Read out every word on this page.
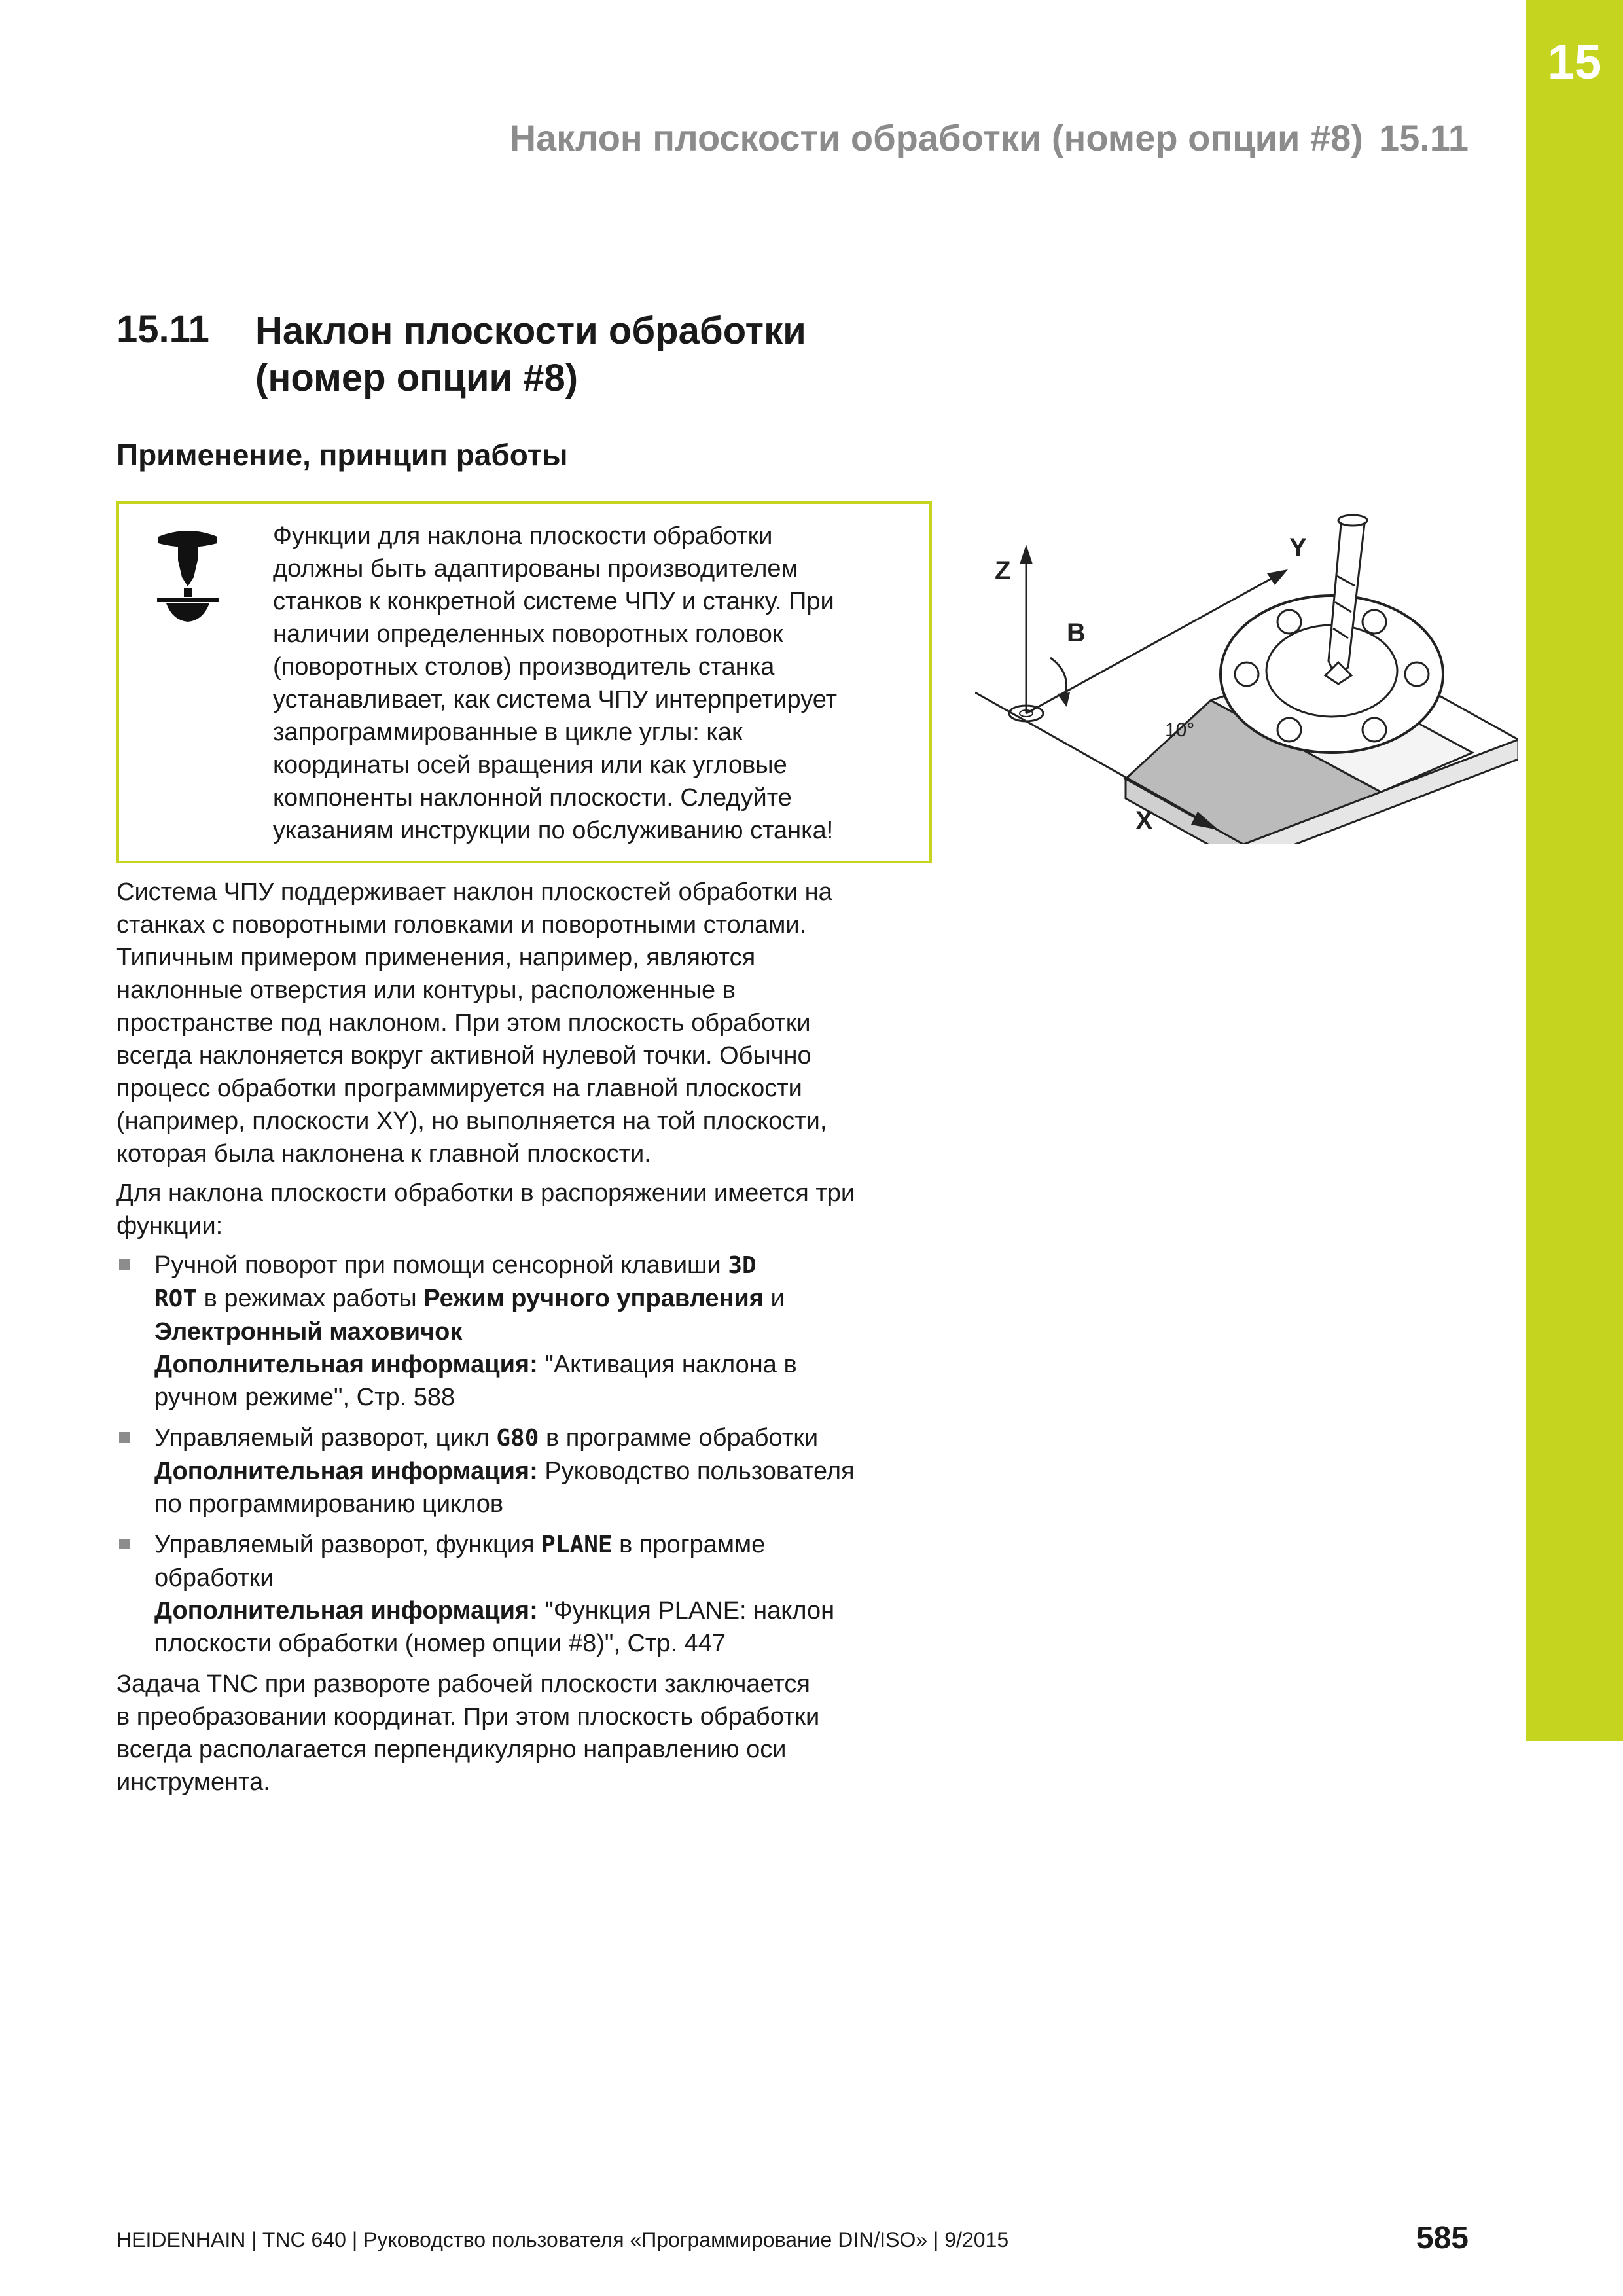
15
Наклон плоскости обработки (номер опции #8) 15.11
15.11 Наклон плоскости обработки
(номер опции #8)
Применение, принцип работы
Функции для наклона плоскости обработки
должны быть адаптированы производителем
станков к конкретной системе ЧПУ и станку. При
наличии определенных поворотных головок
(поворотных столов) производитель станка
устанавливает, как система ЧПУ интерпретирует
запрограммированные в цикле углы: как
координаты осей вращения или как угловые
компоненты наклонной плоскости. Следуйте
указаниям инструкции по обслуживанию станка!
Z
Y
B
X
10°

Система ЧПУ поддерживает наклон плоскостей обработки на
станках с поворотными головками и поворотными столами.
Типичным примером применения, например, являются
наклонные отверстия или контуры, расположенные в
пространстве под наклоном. При этом плоскость обработки
всегда наклоняется вокруг активной нулевой точки. Обычно
процесс обработки программируется на главной плоскости
(например, плоскости XY), но выполняется на той плоскости,
которая была наклонена к главной плоскости.

Для наклона плоскости обработки в распоряжении имеется три
функции:

Ручной поворот при помощи сенсорной клавиши 3D
ROT в режимах работы Режим ручного управления и
Электронный маховичок
Дополнительная информация: "Активация наклона в
ручном режиме", Стр. 588
Управляемый разворот, цикл G80 в программе обработки
Дополнительная информация: Руководство пользователя
по программированию циклов
Управляемый разворот, функция PLANE в программе
обработки
Дополнительная информация: "Функция PLANE: наклон
плоскости обработки (номер опции #8)", Стр. 447

Задача TNC при развороте рабочей плоскости заключается
в преобразовании координат. При этом плоскость обработки
всегда располагается перпендикулярно направлению оси
инструмента.

HEIDENHAIN | TNC 640 | Руководство пользователя «Программирование DIN/ISO» | 9/2015	585
